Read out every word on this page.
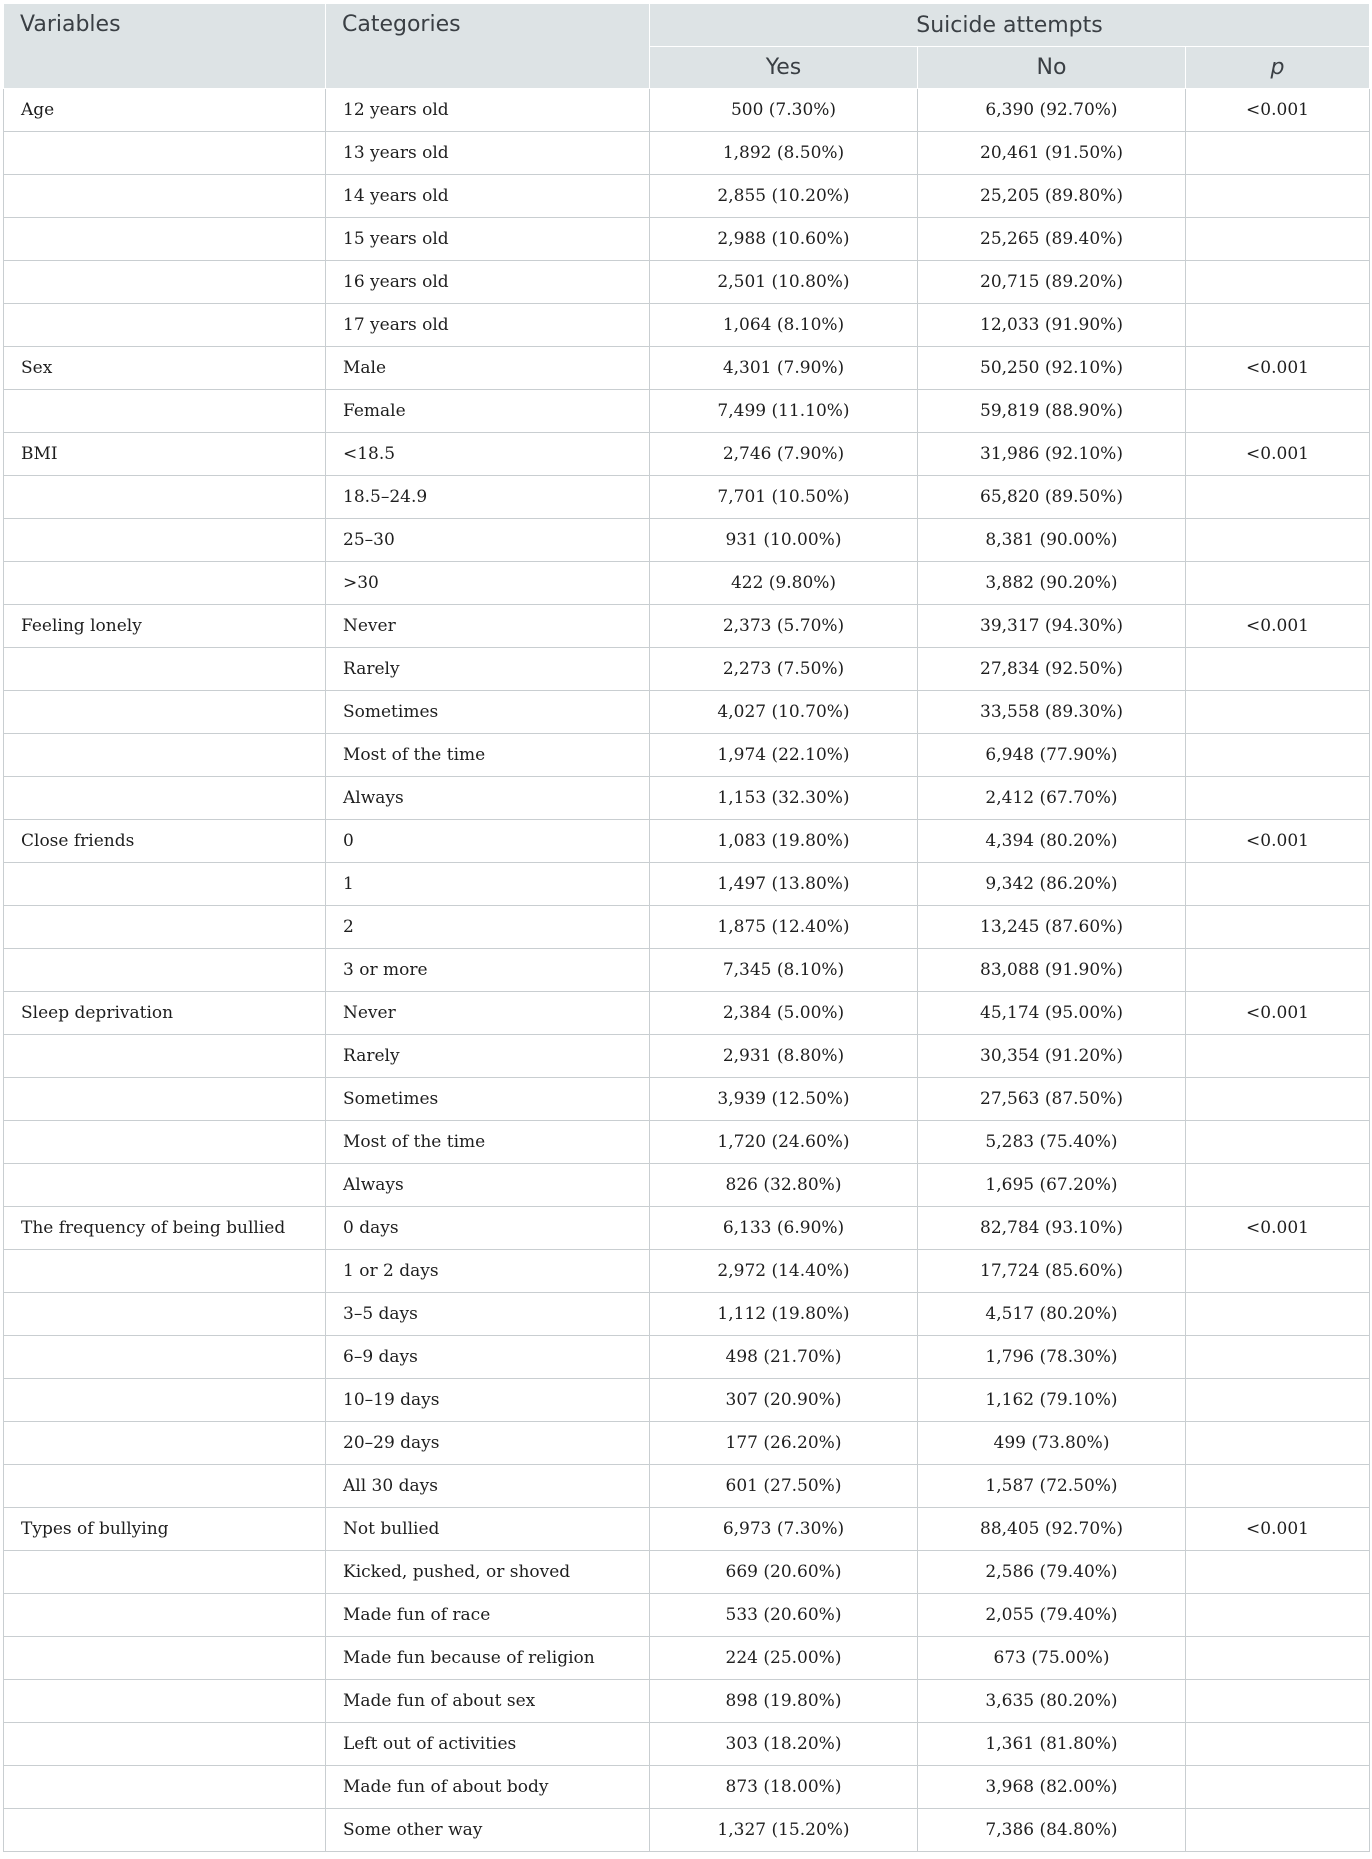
Variables	Categories	Suicide attempts		
		Yes	No	p
Age	12 years old	500 (7.30%)	6,390 (92.70%)	<0.001
	13 years old	1,892 (8.50%)	20,461 (91.50%)	
	14 years old	2,855 (10.20%)	25,205 (89.80%)	
	15 years old	2,988 (10.60%)	25,265 (89.40%)	
	16 years old	2,501 (10.80%)	20,715 (89.20%)	
	17 years old	1,064 (8.10%)	12,033 (91.90%)	
Sex	Male	4,301 (7.90%)	50,250 (92.10%)	<0.001
	Female	7,499 (11.10%)	59,819 (88.90%)	
BMI	<18.5	2,746 (7.90%)	31,986 (92.10%)	<0.001
	18.5–24.9	7,701 (10.50%)	65,820 (89.50%)	
	25–30	931 (10.00%)	8,381 (90.00%)	
	>30	422 (9.80%)	3,882 (90.20%)	
Feeling lonely	Never	2,373 (5.70%)	39,317 (94.30%)	<0.001
	Rarely	2,273 (7.50%)	27,834 (92.50%)	
	Sometimes	4,027 (10.70%)	33,558 (89.30%)	
	Most of the time	1,974 (22.10%)	6,948 (77.90%)	
	Always	1,153 (32.30%)	2,412 (67.70%)	
Close friends	0	1,083 (19.80%)	4,394 (80.20%)	<0.001
	1	1,497 (13.80%)	9,342 (86.20%)	
	2	1,875 (12.40%)	13,245 (87.60%)	
	3 or more	7,345 (8.10%)	83,088 (91.90%)	
Sleep deprivation	Never	2,384 (5.00%)	45,174 (95.00%)	<0.001
	Rarely	2,931 (8.80%)	30,354 (91.20%)	
	Sometimes	3,939 (12.50%)	27,563 (87.50%)	
	Most of the time	1,720 (24.60%)	5,283 (75.40%)	
	Always	826 (32.80%)	1,695 (67.20%)	
The frequency of being bullied	0 days	6,133 (6.90%)	82,784 (93.10%)	<0.001
	1 or 2 days	2,972 (14.40%)	17,724 (85.60%)	
	3–5 days	1,112 (19.80%)	4,517 (80.20%)	
	6–9 days	498 (21.70%)	1,796 (78.30%)	
	10–19 days	307 (20.90%)	1,162 (79.10%)	
	20–29 days	177 (26.20%)	499 (73.80%)	
	All 30 days	601 (27.50%)	1,587 (72.50%)	
Types of bullying	Not bullied	6,973 (7.30%)	88,405 (92.70%)	<0.001
	Kicked, pushed, or shoved	669 (20.60%)	2,586 (79.40%)	
	Made fun of race	533 (20.60%)	2,055 (79.40%)	
	Made fun because of religion	224 (25.00%)	673 (75.00%)	
	Made fun of about sex	898 (19.80%)	3,635 (80.20%)	
	Left out of activities	303 (18.20%)	1,361 (81.80%)	
	Made fun of about body	873 (18.00%)	3,968 (82.00%)	
	Some other way	1,327 (15.20%)	7,386 (84.80%)	
